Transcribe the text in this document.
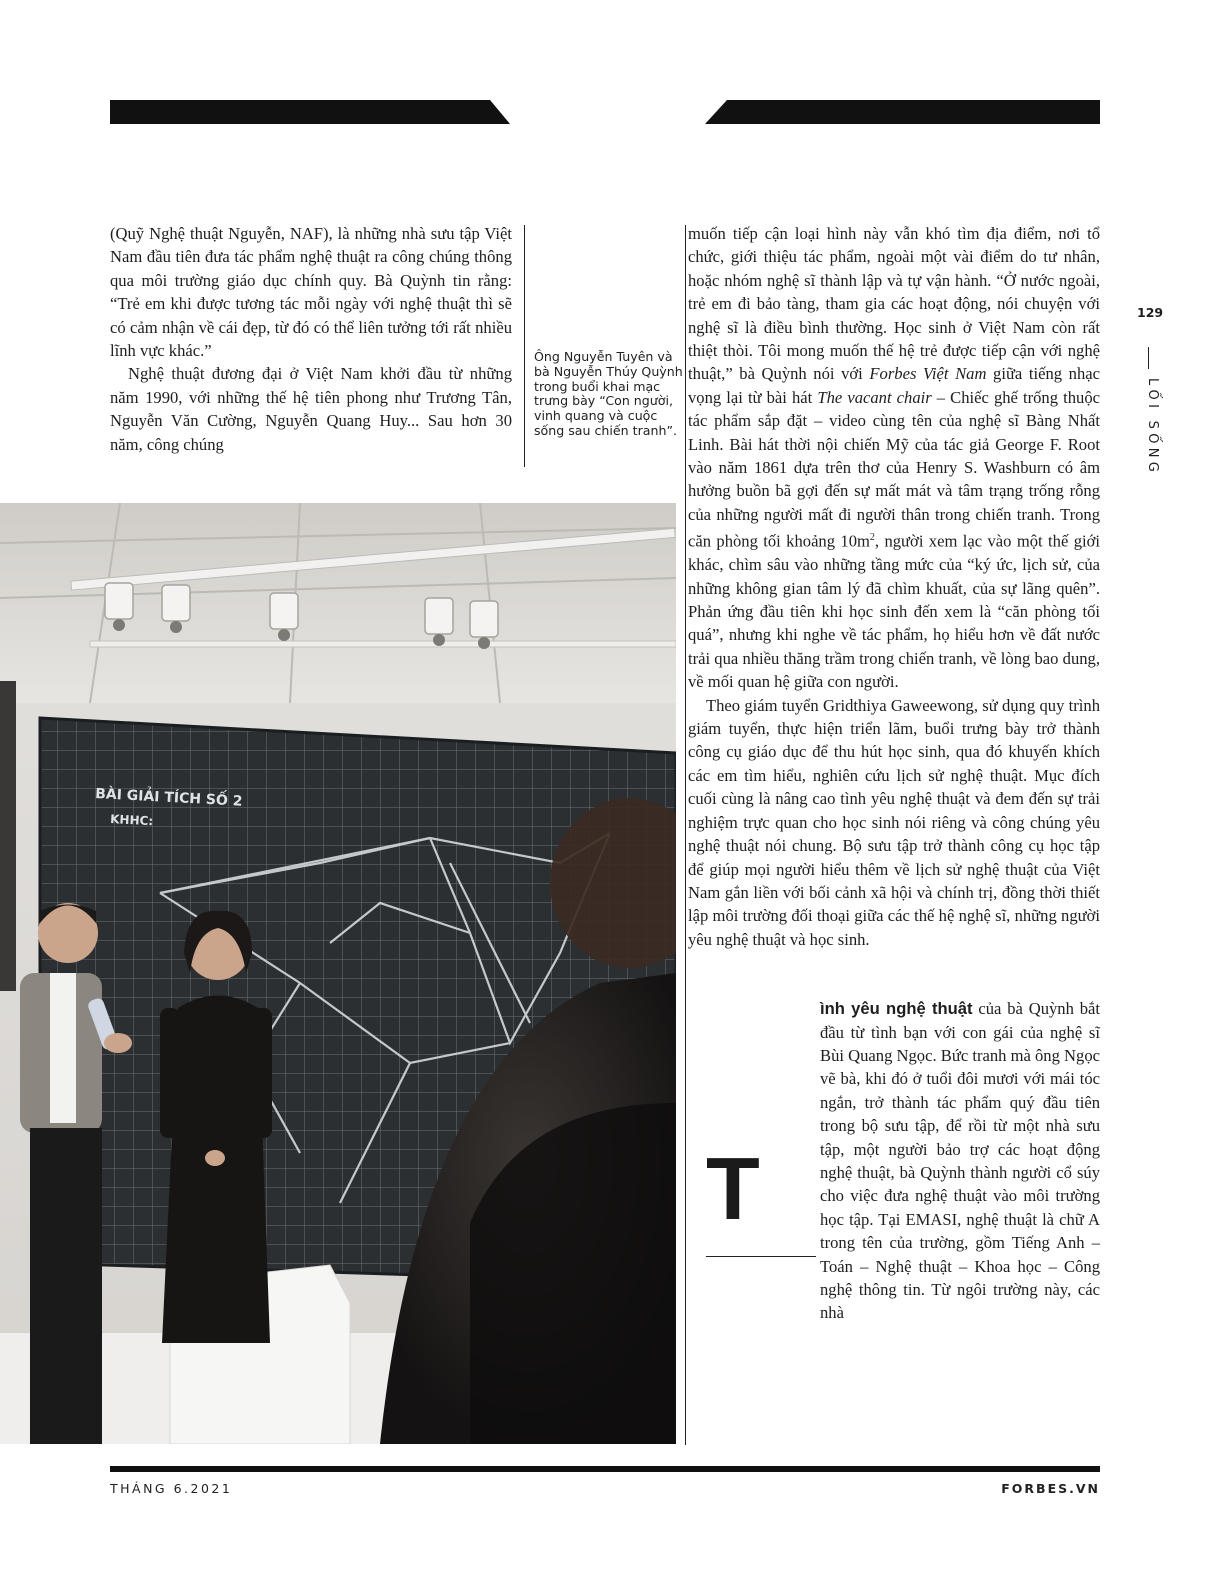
(Quỹ Nghệ thuật Nguyễn, NAF), là những nhà sưu tập Việt Nam đầu tiên đưa tác phẩm nghệ thuật ra công chúng thông qua môi trường giáo dục chính quy. Bà Quỳnh tin rằng: “Trẻ em khi được tương tác mỗi ngày với nghệ thuật thì sẽ có cảm nhận về cái đẹp, từ đó có thể liên tưởng tới rất nhiều lĩnh vực khác.”

Nghệ thuật đương đại ở Việt Nam khởi đầu từ những năm 1990, với những thế hệ tiên phong như Trương Tân, Nguyễn Văn Cường, Nguyễn Quang Huy... Sau hơn 30 năm, công chúng

Ông Nguyễn Tuyên và bà Nguyễn Thúy Quỳnh trong buổi khai mạc trưng bày “Con người, vinh quang và cuộc sống sau chiến tranh”.
BÀI GIẢI TÍCH SỐ 2
KHHC:

muốn tiếp cận loại hình này vẫn khó tìm địa điểm, nơi tổ chức, giới thiệu tác phẩm, ngoài một vài điểm do tư nhân, hoặc nhóm nghệ sĩ thành lập và tự vận hành. “Ở nước ngoài, trẻ em đi bảo tàng, tham gia các hoạt động, nói chuyện với nghệ sĩ là điều bình thường. Học sinh ở Việt Nam còn rất thiệt thòi. Tôi mong muốn thế hệ trẻ được tiếp cận với nghệ thuật,” bà Quỳnh nói với Forbes Việt Nam giữa tiếng nhạc vọng lại từ bài hát The vacant chair – Chiếc ghế trống thuộc tác phẩm sắp đặt – video cùng tên của nghệ sĩ Bàng Nhất Linh. Bài hát thời nội chiến Mỹ của tác giả George F. Root vào năm 1861 dựa trên thơ của Henry S. Washburn có âm hưởng buồn bã gợi đến sự mất mát và tâm trạng trống rỗng của những người mất đi người thân trong chiến tranh. Trong căn phòng tối khoảng $10m^2$, người xem lạc vào một thế giới khác, chìm sâu vào những tầng mức của “ký ức, lịch sử, của những không gian tâm lý đã chìm khuất, của sự lãng quên”. Phản ứng đầu tiên khi học sinh đến xem là “căn phòng tối quá”, nhưng khi nghe về tác phẩm, họ hiểu hơn về đất nước trải qua nhiều thăng trầm trong chiến tranh, về lòng bao dung, về mối quan hệ giữa con người.

Theo giám tuyển Gridthiya Gaweewong, sử dụng quy trình giám tuyển, thực hiện triển lãm, buổi trưng bày trở thành công cụ giáo dục để thu hút học sinh, qua đó khuyến khích các em tìm hiểu, nghiên cứu lịch sử nghệ thuật. Mục đích cuối cùng là nâng cao tình yêu nghệ thuật và đem đến sự trải nghiệm trực quan cho học sinh nói riêng và công chúng yêu nghệ thuật nói chung. Bộ sưu tập trở thành công cụ học tập để giúp mọi người hiểu thêm về lịch sử nghệ thuật của Việt Nam gắn liền với bối cảnh xã hội và chính trị, đồng thời thiết lập môi trường đối thoại giữa các thế hệ nghệ sĩ, những người yêu nghệ thuật và học sinh.

ình yêu nghệ thuật của bà Quỳnh bắt đầu từ tình bạn với con gái của nghệ sĩ Bùi Quang Ngọc. Bức tranh mà ông Ngọc vẽ bà, khi đó ở tuổi đôi mươi với mái tóc ngắn, trở thành tác phẩm quý đầu tiên trong bộ sưu tập, để rồi từ một nhà sưu tập, một người bảo trợ các hoạt động nghệ thuật, bà Quỳnh thành người cổ súy cho việc đưa nghệ thuật vào môi trường học tập. Tại EMASI, nghệ thuật là chữ A trong tên của trường, gồm Tiếng Anh – Toán – Nghệ thuật – Khoa học – Công nghệ thông tin. Từ ngôi trường này, các nhà

T
129
LỐI SỐNG
THÁNG 6.2021	FORBES.VN
